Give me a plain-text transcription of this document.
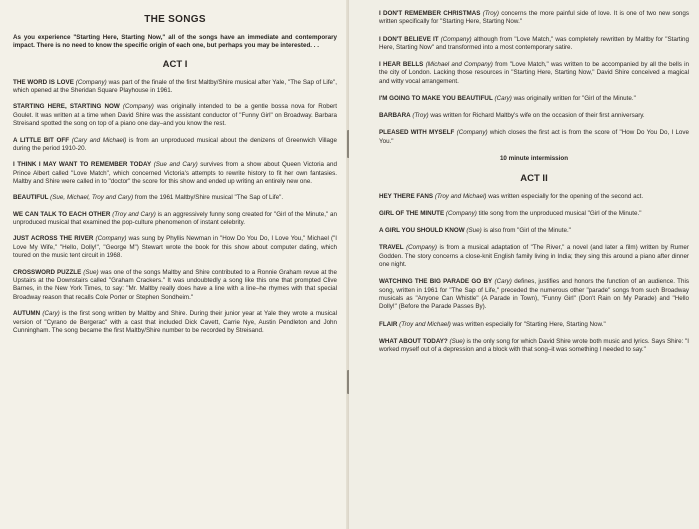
THE SONGS

As you experience "Starting Here, Starting Now," all of the songs have an immediate and contemporary impact. There is no need to know the specific origin of each one, but perhaps you may be interested. . .

ACT I

THE WORD IS LOVE (Company) was part of the finale of the first Maltby/Shire musical after Yale, "The Sap of Life", which opened at the Sheridan Square Playhouse in 1961.

STARTING HERE, STARTING NOW (Company) was originally intended to be a gentle bossa nova for Robert Goulet. It was written at a time when David Shire was the assistant conductor of "Funny Girl" on Broadway. Barbara Streisand spotted the song on top of a piano one day–and you know the rest.

A LITTLE BIT OFF (Cary and Michael) is from an unproduced musical about the denizens of Greenwich Village during the period 1910-20.

I THINK I MAY WANT TO REMEMBER TODAY (Sue and Cary) survives from a show about Queen Victoria and Prince Albert called "Love Match", which concerned Victoria's attempts to rewrite history to fit her own fantasies. Maltby and Shire were called in to "doctor" the score for this show and ended up writing an entirely new one.

BEAUTIFUL (Sue, Michael, Troy and Cary) from the 1961 Maltby/Shire musical "The Sap of Life".

WE CAN TALK TO EACH OTHER (Troy and Cary) is an aggressively funny song created for "Girl of the Minute," an unproduced musical that examined the pop-culture phenomenon of instant celebrity.

JUST ACROSS THE RIVER (Company) was sung by Phyllis Newman in "How Do You Do, I Love You," Michael ("I Love My Wife," "Hello, Dolly!", "George M") Stewart wrote the book for this show about computer dating, which toured on the music tent circuit in 1968.

CROSSWORD PUZZLE (Sue) was one of the songs Maltby and Shire contributed to a Ronnie Graham revue at the Upstairs at the Downstairs called "Graham Crackers." It was undoubtedly a song like this one that prompted Clive Barnes, in the New York Times, to say: "Mr. Maltby really does have a line with a line–he rhymes with that special Broadway reason that recalls Cole Porter or Stephen Sondheim."

AUTUMN (Cary) is the first song written by Maltby and Shire. During their junior year at Yale they wrote a musical version of "Cyrano de Bergerac" with a cast that included Dick Cavett, Carrie Nye, Austin Pendleton and John Cunningham. The song became the first Maltby/Shire number to be recorded by Streisand.

I DON'T REMEMBER CHRISTMAS (Troy) concerns the more painful side of love. It is one of two new songs written specifically for "Starting Here, Starting Now."

I DON'T BELIEVE IT (Company) although from "Love Match," was completely rewritten by Maltby for "Starting Here, Starting Now" and transformed into a most contemporary satire.

I HEAR BELLS (Michael and Company) from "Love Match," was written to be accompanied by all the bells in the city of London. Lacking those resources in "Starting Here, Starting Now," David Shire conceived a magical and witty vocal arrangement.

I'M GOING TO MAKE YOU BEAUTIFUL (Cary) was originally written for "Girl of the Minute."

BARBARA (Troy) was written for Richard Maltby's wife on the occasion of their first anniversary.

PLEASED WITH MYSELF (Company) which closes the first act is from the score of "How Do You Do, I Love You."

10 minute intermission
ACT II

HEY THERE FANS (Troy and Michael) was written especially for the opening of the second act.

GIRL OF THE MINUTE (Company) title song from the unproduced musical "Girl of the Minute."

A GIRL YOU SHOULD KNOW (Sue) is also from "Girl of the Minute."

TRAVEL (Company) is from a musical adaptation of "The River," a novel (and later a film) written by Rumer Godden. The story concerns a close-knit English family living in India; they sing this around a piano after dinner one night.

WATCHING THE BIG PARADE GO BY (Cary) defines, justifies and honors the function of an audience. This song, written in 1961 for "The Sap of Life," preceded the numerous other "parade" songs from such Broadway musicals as "Anyone Can Whistle" (A Parade in Town), "Funny Girl" (Don't Rain on My Parade) and "Hello Dolly!" (Before the Parade Passes By).

FLAIR (Troy and Michael) was written especially for "Starting Here, Starting Now."

WHAT ABOUT TODAY? (Sue) is the only song for which David Shire wrote both music and lyrics. Says Shire: "I worked myself out of a depression and a block with that song–it was something I needed to say."
